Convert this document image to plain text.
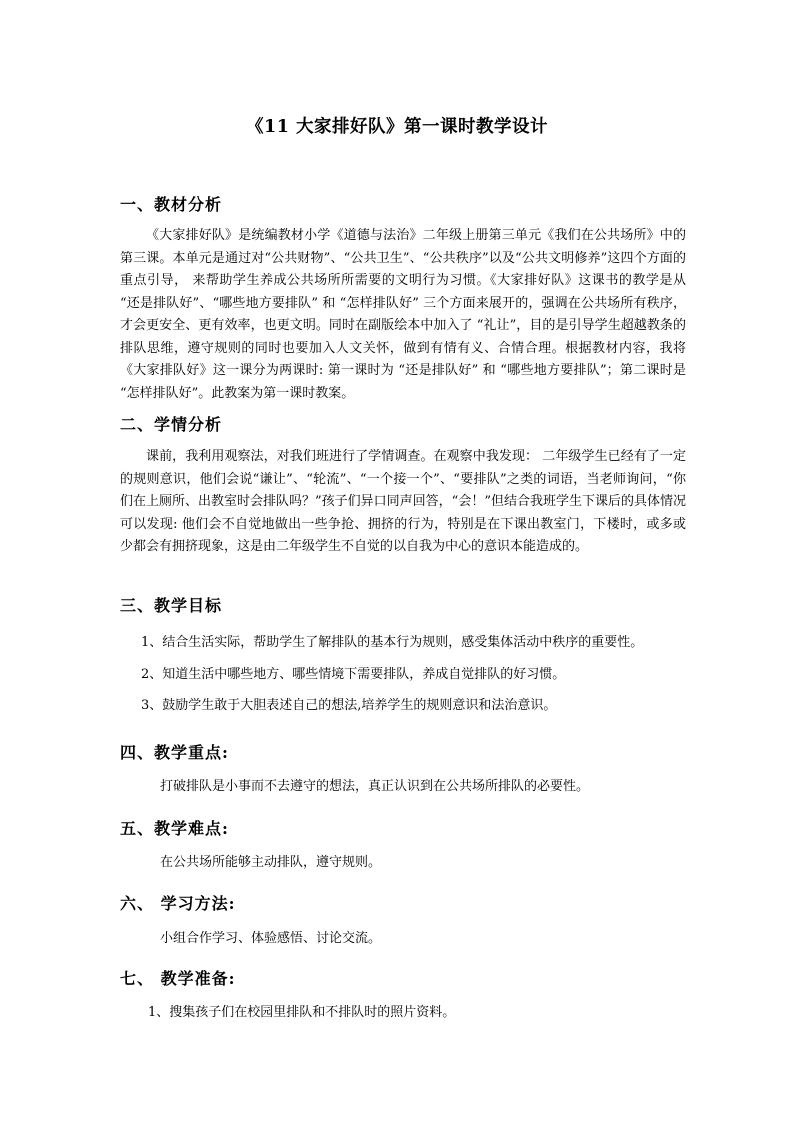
《11 大家排好队》第一课时教学设计
一、教材分析
《大家排好队》是统编教材小学《道德与法治》二年级上册第三单元《我们在公共场所》中的第三课。本单元是通过对“公共财物”、“公共卫生”、“公共秩序”以及“公共文明修养”这四个方面的重点引导， 来帮助学生养成公共场所所需要的文明行为习惯。《大家排好队》这课书的教学是从 “还是排队好”、“哪些地方要排队” 和 “怎样排队好” 三个方面来展开的，强调在公共场所有秩序，才会更安全、更有效率，也更文明。同时在副版绘本中加入了 “礼让”，目的是引导学生超越教条的排队思维，遵守规则的同时也要加入人文关怀，做到有情有义、合情合理。根据教材内容，我将《大家排队好》这一课分为两课时: 第一课时为 “还是排队好” 和 “哪些地方要排队”；第二课时是 “怎样排队好”。此教案为第一课时教案。
二、学情分析
课前，我利用观察法，对我们班进行了学情调查。在观察中我发现： 二年级学生已经有了一定的规则意识，他们会说“谦让”、“轮流”、“一个接一个”、“要排队”之类的词语，当老师询问，“你们在上厕所、出教室时会排队吗？”孩子们异口同声回答，“会！”但结合我班学生下课后的具体情况可以发现: 他们会不自觉地做出一些争抢、拥挤的行为，特别是在下课出教室门，下楼时，或多或少都会有拥挤现象，这是由二年级学生不自觉的以自我为中心的意识本能造成的。
三、教学目标
1、结合生活实际，帮助学生了解排队的基本行为规则，感受集体活动中秩序的重要性。
2、知道生活中哪些地方、哪些情境下需要排队，养成自觉排队的好习惯。
3、鼓励学生敢于大胆表述自己的想法,培养学生的规则意识和法治意识。
四、教学重点:
打破排队是小事而不去遵守的想法，真正认识到在公共场所排队的必要性。
五、教学难点:
在公共场所能够主动排队，遵守规则。
六、 学习方法:
小组合作学习、体验感悟、讨论交流。
七、 教学准备:
1、搜集孩子们在校园里排队和不排队时的照片资料。
